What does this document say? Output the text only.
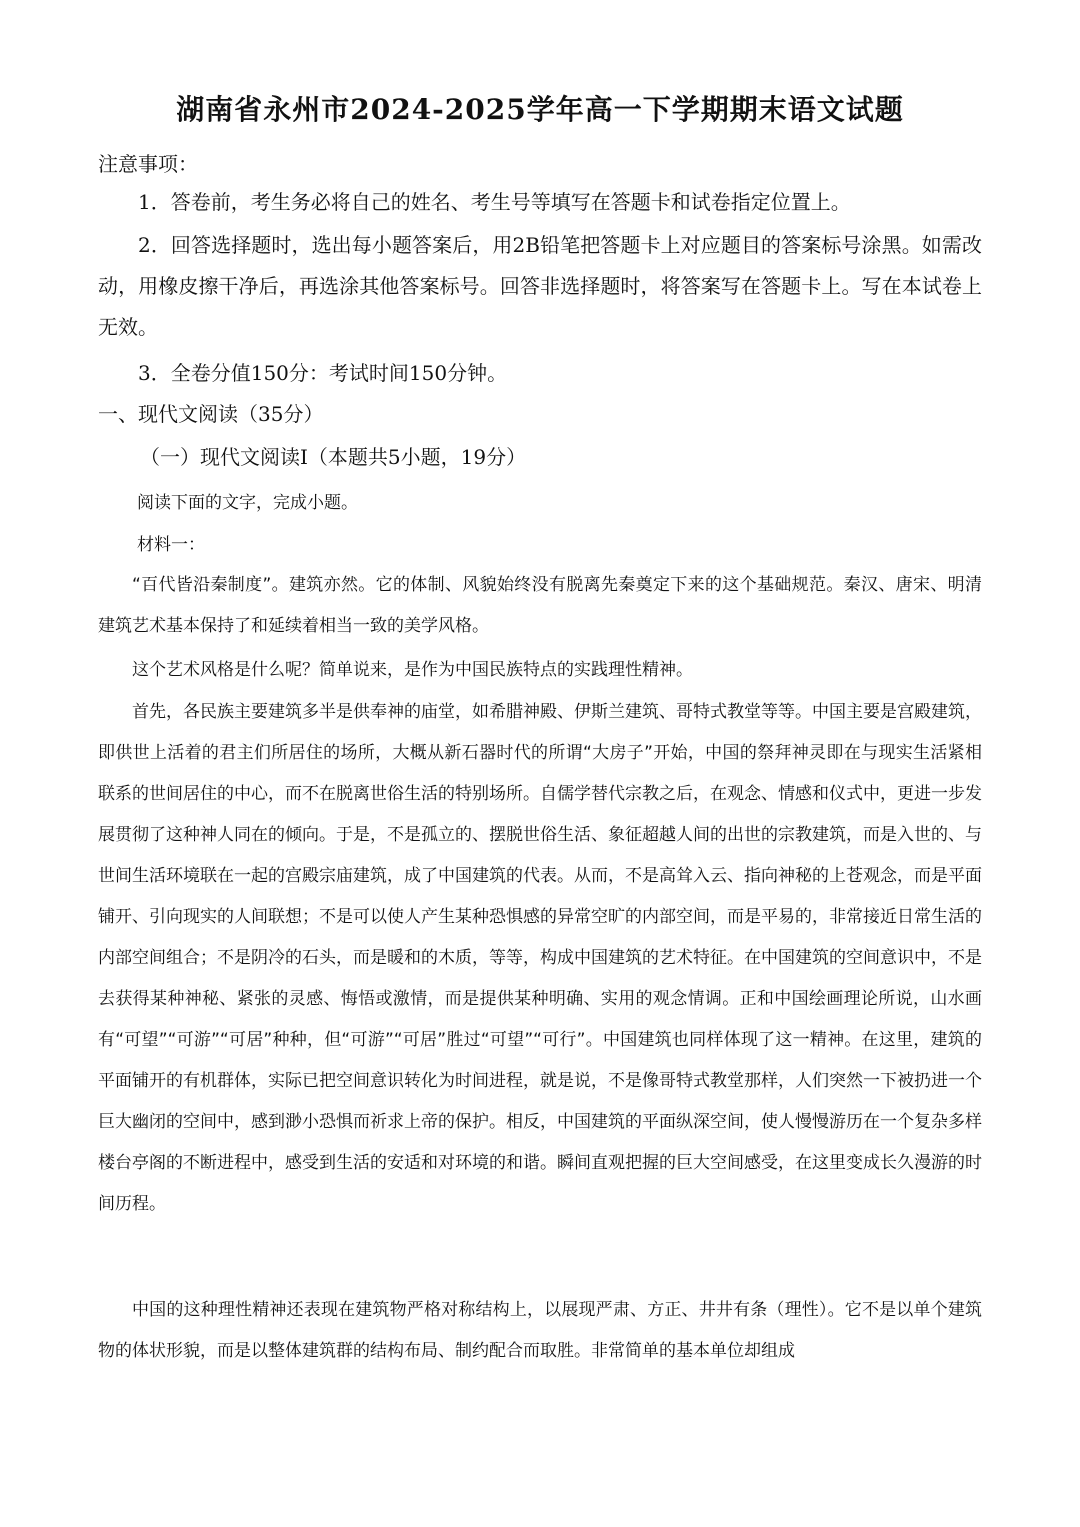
湖南省永州市2024-2025学年高一下学期期末语文试题
注意事项：

1．答卷前，考生务必将自己的姓名、考生号等填写在答题卡和试卷指定位置上。

2．回答选择题时，选出每小题答案后，用2B铅笔把答题卡上对应题目的答案标号涂黑。如需改动，用橡皮擦干净后，再选涂其他答案标号。回答非选择题时，将答案写在答题卡上。写在本试卷上无效。

3．全卷分值150分：考试时间150分钟。

一、现代文阅读（35分）
（一）现代文阅读Ⅰ（本题共5小题，19分）
阅读下面的文字，完成小题。
材料一：

“百代皆沿秦制度”。建筑亦然。它的体制、风貌始终没有脱离先秦奠定下来的这个基础规范。秦汉、唐宋、明清建筑艺术基本保持了和延续着相当一致的美学风格。

这个艺术风格是什么呢？简单说来，是作为中国民族特点的实践理性精神。

首先，各民族主要建筑多半是供奉神的庙堂，如希腊神殿、伊斯兰建筑、哥特式教堂等等。中国主要是宫殿建筑，即供世上活着的君主们所居住的场所，大概从新石器时代的所谓“大房子”开始，中国的祭拜神灵即在与现实生活紧相联系的世间居住的中心，而不在脱离世俗生活的特别场所。自儒学替代宗教之后，在观念、情感和仪式中，更进一步发展贯彻了这种神人同在的倾向。于是，不是孤立的、摆脱世俗生活、象征超越人间的出世的宗教建筑，而是入世的、与世间生活环境联在一起的宫殿宗庙建筑，成了中国建筑的代表。从而，不是高耸入云、指向神秘的上苍观念，而是平面铺开、引向现实的人间联想；不是可以使人产生某种恐惧感的异常空旷的内部空间，而是平易的，非常接近日常生活的内部空间组合；不是阴冷的石头，而是暖和的木质，等等，构成中国建筑的艺术特征。在中国建筑的空间意识中，不是去获得某种神秘、紧张的灵感、悔悟或激情，而是提供某种明确、实用的观念情调。正和中国绘画理论所说，山水画有“可望”“可游”“可居”种种，但“可游”“可居”胜过“可望”“可行”。中国建筑也同样体现了这一精神。在这里，建筑的平面铺开的有机群体，实际已把空间意识转化为时间进程，就是说，不是像哥特式教堂那样，人们突然一下被扔进一个巨大幽闭的空间中，感到渺小恐惧而祈求上帝的保护。相反，中国建筑的平面纵深空间，使人慢慢游历在一个复杂多样楼台亭阁的不断进程中，感受到生活的安适和对环境的和谐。瞬间直观把握的巨大空间感受，在这里变成长久漫游的时间历程。

中国的这种理性精神还表现在建筑物严格对称结构上，以展现严肃、方正、井井有条（理性）。它不是以单个建筑物的体状形貌，而是以整体建筑群的结构布局、制约配合而取胜。非常简单的基本单位却组成
